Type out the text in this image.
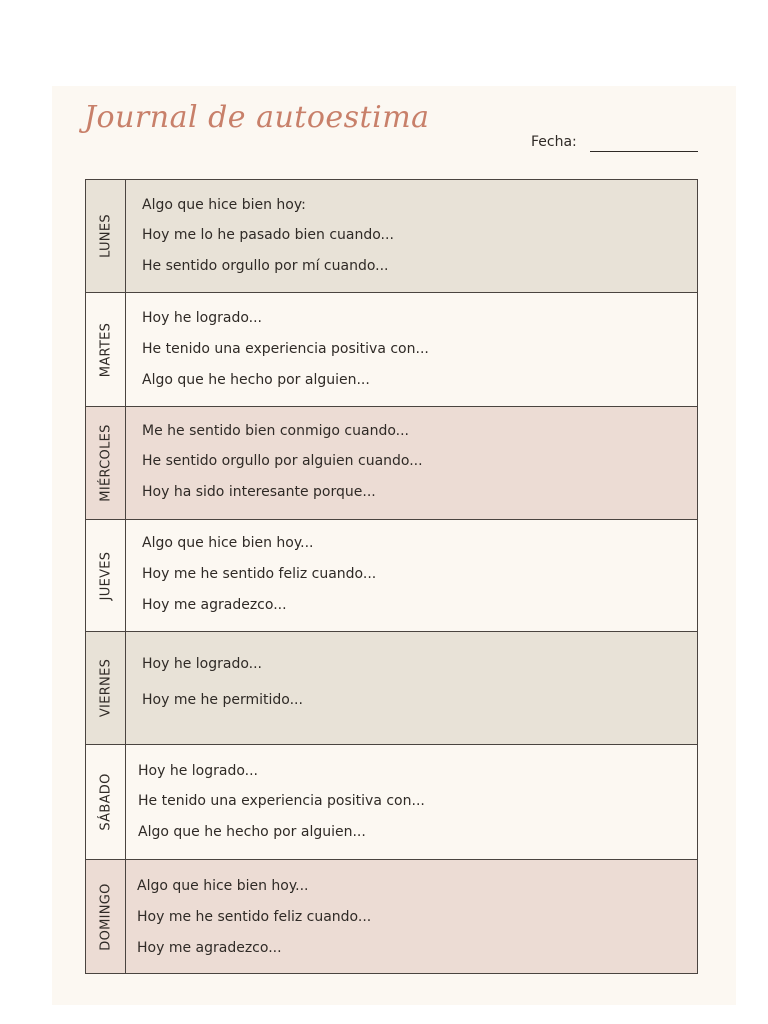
Journal de autoestima
Fecha:
LUNES
Algo que hice bien hoy:
Hoy me lo he pasado bien cuando...
He sentido orgullo por mí cuando...
MARTES
Hoy he logrado...
He tenido una experiencia positiva con...
Algo que he hecho por alguien...
MIÉRCOLES Me he sentido bien conmigo cuando...
He sentido orgullo por alguien cuando...
Hoy ha sido interesante porque...
JUEVES
Algo que hice bien hoy...
Hoy me he sentido feliz cuando...
Hoy me agradezco...
VIERNES Hoy he logrado...
Hoy me he permitido...
SÁBADO
Hoy he logrado...
He tenido una experiencia positiva con...
Algo que he hecho por alguien...
DOMINGO Algo que hice bien hoy...
Hoy me he sentido feliz cuando...
Hoy me agradezco...
